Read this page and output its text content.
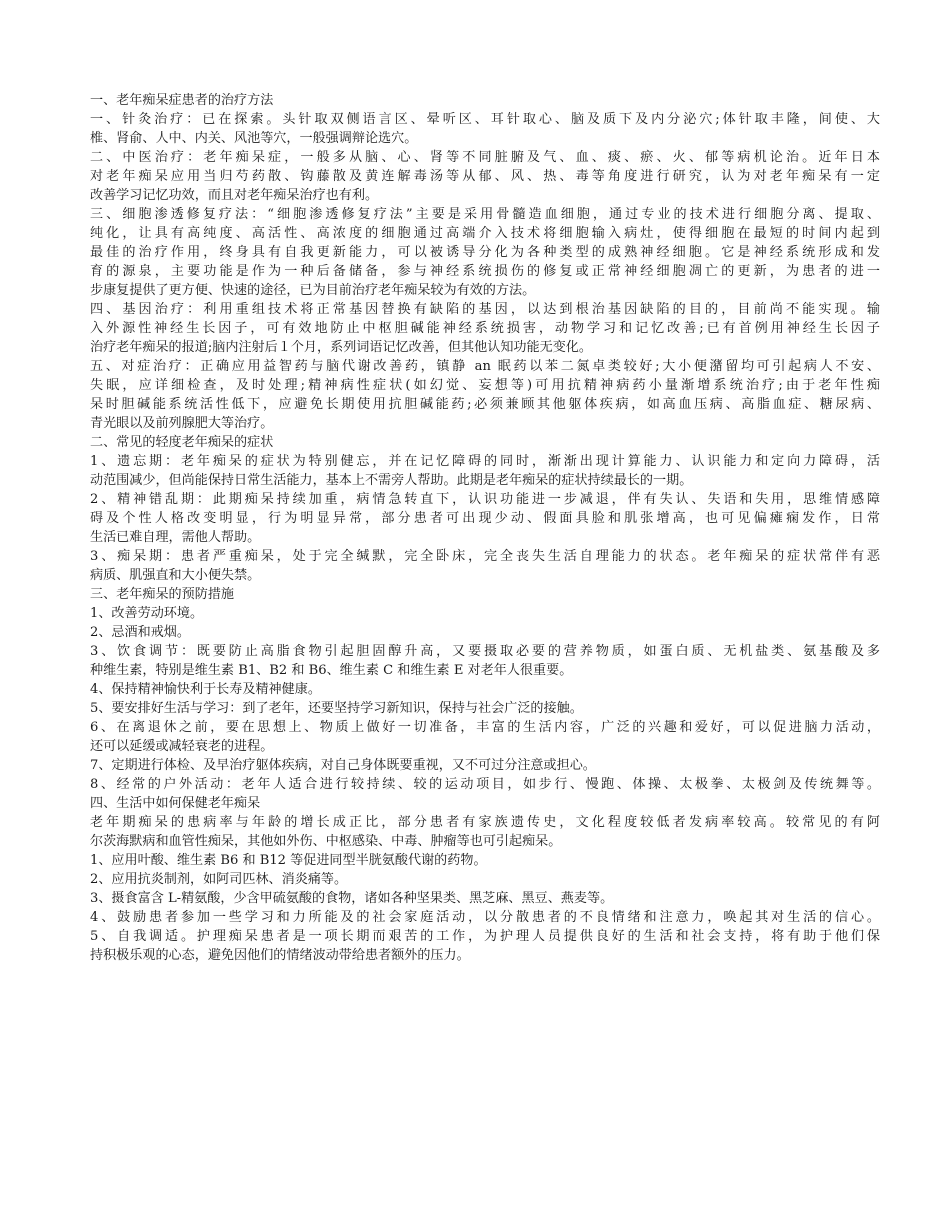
一、老年痴呆症患者的治疗方法
一、针灸治疗：已在探索。头针取双侧语言区、晕听区、耳针取心、脑及质下及内分泌穴;体针取丰隆，间使、大
椎、肾俞、人中、内关、风池等穴，一般强调辩论选穴。
二、中医治疗：老年痴呆症，一般多从脑、心、肾等不同脏腑及气、血、痰、瘀、火、郁等病机论治。近年日本
对老年痴呆应用当归芍药散、钩藤散及黄连解毒汤等从郁、风、热、毒等角度进行研究，认为对老年痴呆有一定
改善学习记忆功效，而且对老年痴呆治疗也有利。
三、细胞渗透修复疗法：“细胞渗透修复疗法”主要是采用骨髓造血细胞，通过专业的技术进行细胞分离、提取、
纯化，让具有高纯度、高活性、高浓度的细胞通过高端介入技术将细胞输入病灶，使得细胞在最短的时间内起到
最佳的治疗作用，终身具有自我更新能力，可以被诱导分化为各种类型的成熟神经细胞。它是神经系统形成和发
育的源泉，主要功能是作为一种后备储备，参与神经系统损伤的修复或正常神经细胞凋亡的更新，为患者的进一
步康复提供了更方便、快速的途径，已为目前治疗老年痴呆较为有效的方法。
四、基因治疗：利用重组技术将正常基因替换有缺陷的基因，以达到根治基因缺陷的目的，目前尚不能实现。输
入外源性神经生长因子，可有效地防止中枢胆碱能神经系统损害，动物学习和记忆改善;已有首例用神经生长因子
治疗老年痴呆的报道;脑内注射后１个月，系列词语记忆改善，但其他认知功能无变化。
五、对症治疗：正确应用益智药与脑代谢改善药，镇静 an 眠药以苯二氮卓类较好;大小便潴留均可引起病人不安、
失眠，应详细检查，及时处理;精神病性症状(如幻觉、妄想等)可用抗精神病药小量渐增系统治疗;由于老年性痴
呆时胆碱能系统活性低下，应避免长期使用抗胆碱能药;必须兼顾其他躯体疾病，如高血压病、高脂血症、糖尿病、
青光眼以及前列腺肥大等治疗。
二、常见的轻度老年痴呆的症状
1、遗忘期：老年痴呆的症状为特别健忘，并在记忆障碍的同时，渐渐出现计算能力、认识能力和定向力障碍，活
动范围减少，但尚能保持日常生活能力，基本上不需旁人帮助。此期是老年痴呆的症状持续最长的一期。
2、精神错乱期：此期痴呆持续加重，病情急转直下，认识功能进一步减退，伴有失认、失语和失用，思维情感障
碍及个性人格改变明显，行为明显异常，部分患者可出现少动、假面具脸和肌张增高，也可见偏瘫痫发作，日常
生活已难自理，需他人帮助。
3、痴呆期：患者严重痴呆，处于完全缄默，完全卧床，完全丧失生活自理能力的状态。老年痴呆的症状常伴有恶
病质、肌强直和大小便失禁。
三、老年痴呆的预防措施
1、改善劳动环境。
2、忌酒和戒烟。
3、饮食调节：既要防止高脂食物引起胆固醇升高，又要摄取必要的营养物质，如蛋白质、无机盐类、氨基酸及多
种维生素，特别是维生素 B1、B2 和 B6、维生素 C 和维生素 E 对老年人很重要。
4、保持精神愉快利于长寿及精神健康。
5、要安排好生活与学习：到了老年，还要坚持学习新知识，保持与社会广泛的接触。
6、在离退休之前，要在思想上、物质上做好一切准备，丰富的生活内容，广泛的兴趣和爱好，可以促进脑力活动，
还可以延缓或减轻衰老的进程。
7、定期进行体检、及早治疗躯体疾病，对自己身体既要重视，又不可过分注意或担心。
8、经常的户外活动：老年人适合进行较持续、较的运动项目，如步行、慢跑、体操、太极拳、太极剑及传统舞等。
四、生活中如何保健老年痴呆
老年期痴呆的患病率与年龄的增长成正比，部分患者有家族遗传史，文化程度较低者发病率较高。较常见的有阿
尔茨海默病和血管性痴呆，其他如外伤、中枢感染、中毒、肿瘤等也可引起痴呆。
1、应用叶酸、维生素 B6 和 B12 等促进同型半胱氨酸代谢的药物。
2、应用抗炎制剂，如阿司匹林、消炎痛等。
3、摄食富含 L-精氨酸，少含甲硫氨酸的食物，诸如各种坚果类、黑芝麻、黑豆、燕麦等。
4、鼓励患者参加一些学习和力所能及的社会家庭活动，以分散患者的不良情绪和注意力，唤起其对生活的信心。
5、自我调适。护理痴呆患者是一项长期而艰苦的工作，为护理人员提供良好的生活和社会支持，将有助于他们保
持积极乐观的心态，避免因他们的情绪波动带给患者额外的压力。
